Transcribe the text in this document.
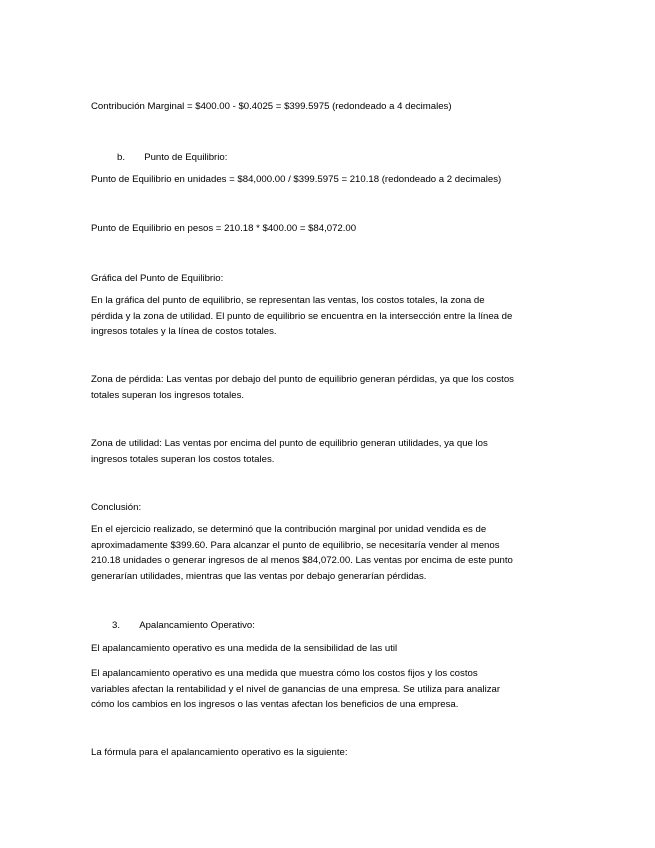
Contribución Marginal = $400.00 - $0.4025 = $399.5975 (redondeado a 4 decimales)

b.  Punto de Equilibrio:

Punto de Equilibrio en unidades = $84,000.00 / $399.5975 = 210.18 (redondeado a 2 decimales)

Punto de Equilibrio en pesos = 210.18 * $400.00 = $84,072.00

Gráfica del Punto de Equilibrio:

En la gráfica del punto de equilibrio, se representan las ventas, los costos totales, la zona de
pérdida y la zona de utilidad. El punto de equilibrio se encuentra en la intersección entre la línea de
ingresos totales y la línea de costos totales.

Zona de pérdida: Las ventas por debajo del punto de equilibrio generan pérdidas, ya que los costos
totales superan los ingresos totales.

Zona de utilidad: Las ventas por encima del punto de equilibrio generan utilidades, ya que los
ingresos totales superan los costos totales.

Conclusión:

En el ejercicio realizado, se determinó que la contribución marginal por unidad vendida es de
aproximadamente $399.60. Para alcanzar el punto de equilibrio, se necesitaría vender al menos
210.18 unidades o generar ingresos de al menos $84,072.00. Las ventas por encima de este punto
generarían utilidades, mientras que las ventas por debajo generarían pérdidas.

3.  Apalancamiento Operativo:

El apalancamiento operativo es una medida de la sensibilidad de las util

El apalancamiento operativo es una medida que muestra cómo los costos fijos y los costos
variables afectan la rentabilidad y el nivel de ganancias de una empresa. Se utiliza para analizar
cómo los cambios en los ingresos o las ventas afectan los beneficios de una empresa.

La fórmula para el apalancamiento operativo es la siguiente:
